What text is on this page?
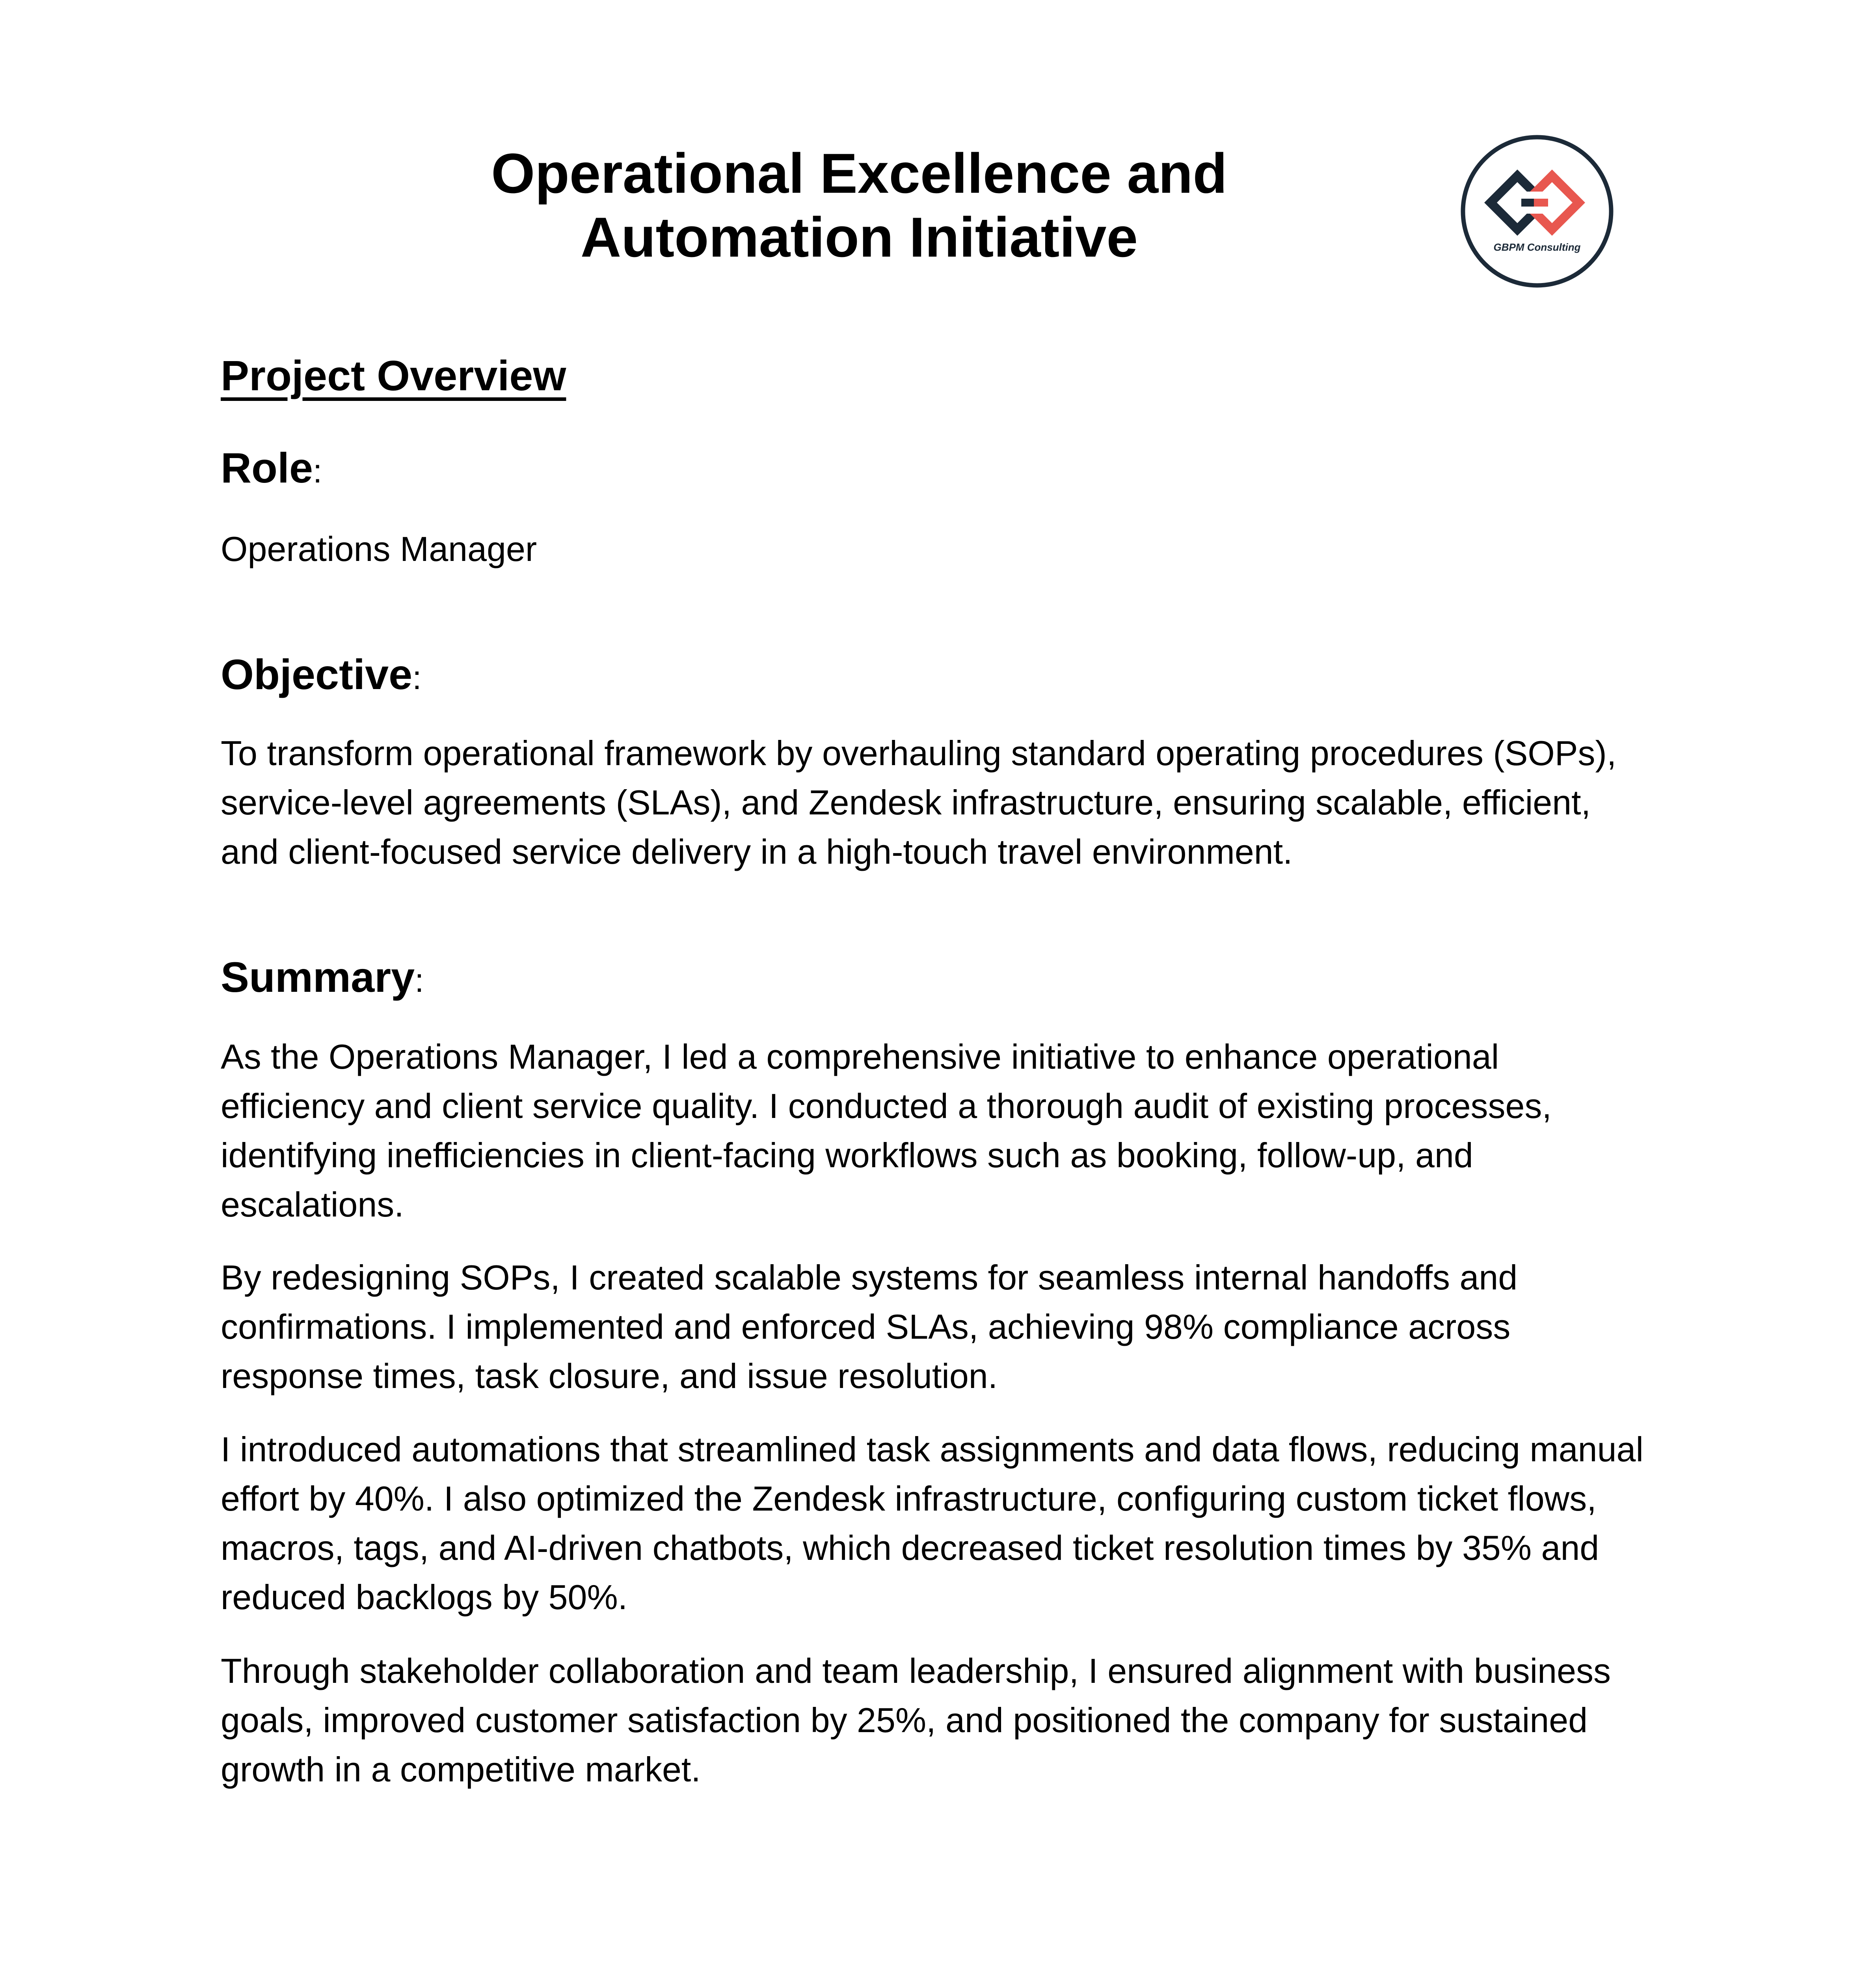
Operational Excellence and Automation Initiative	GBPM Consulting
Project Overview
Role:

Operations Manager

Objective:

To transform operational framework by overhauling standard operating procedures (SOPs), service-level agreements (SLAs), and Zendesk infrastructure, ensuring scalable, efficient, and client-focused service delivery in a high-touch travel environment.

Summary:

As the Operations Manager, I led a comprehensive initiative to enhance operational efficiency and client service quality. I conducted a thorough audit of existing processes, identifying inefficiencies in client-facing workflows such as booking, follow-up, and escalations.

By redesigning SOPs, I created scalable systems for seamless internal handoffs and confirmations. I implemented and enforced SLAs, achieving 98% compliance across response times, task closure, and issue resolution.

I introduced automations that streamlined task assignments and data flows, reducing manual effort by 40%. I also optimized the Zendesk infrastructure, configuring custom ticket flows, macros, tags, and AI-driven chatbots, which decreased ticket resolution times by 35% and reduced backlogs by 50%.

Through stakeholder collaboration and team leadership, I ensured alignment with business goals, improved customer satisfaction by 25%, and positioned the company for sustained growth in a competitive market.
